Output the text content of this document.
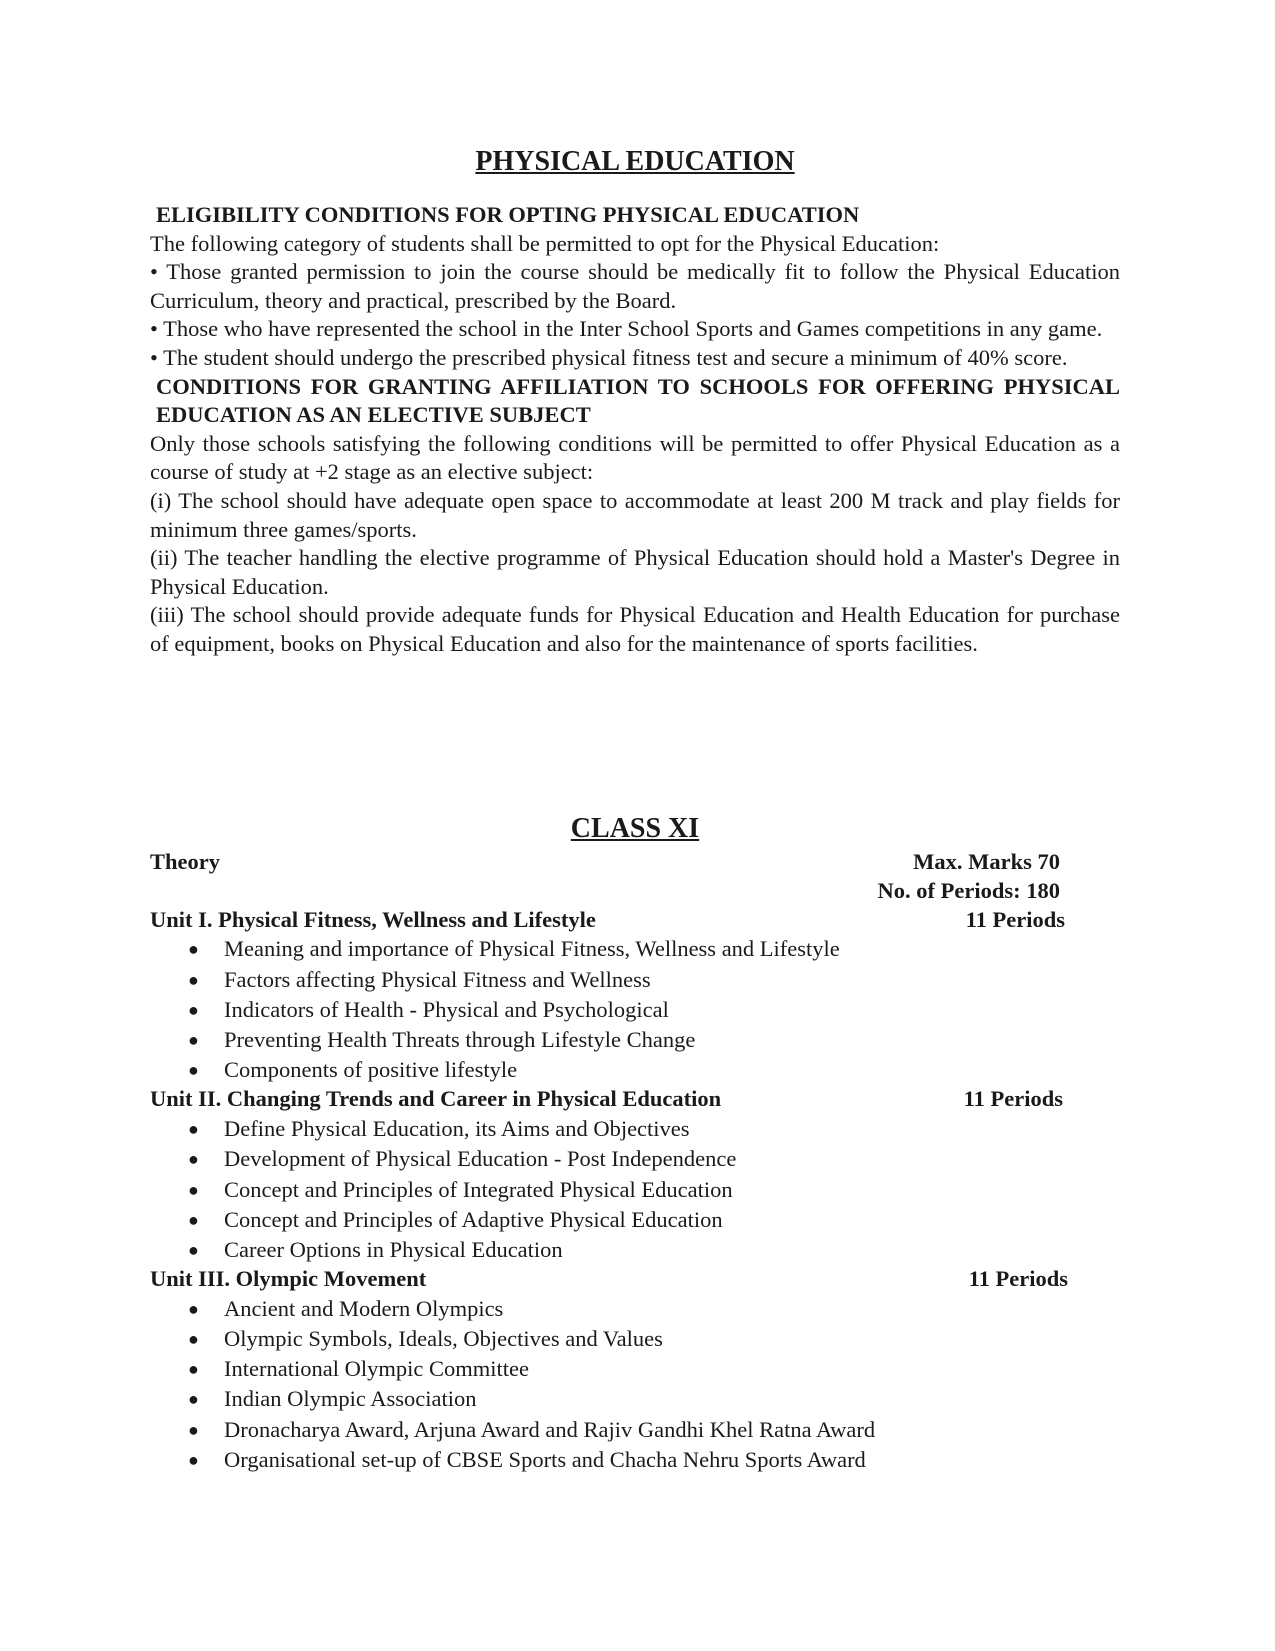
PHYSICAL EDUCATION

ELIGIBILITY CONDITIONS FOR OPTING PHYSICAL EDUCATION

The following category of students shall be permitted to opt for the Physical Education:

• Those granted permission to join the course should be medically fit to follow the Physical Education Curriculum, theory and practical, prescribed by the Board.

• Those who have represented the school in the Inter School Sports and Games competitions in any game.

• The student should undergo the prescribed physical fitness test and secure a minimum of 40% score.

CONDITIONS FOR GRANTING AFFILIATION TO SCHOOLS FOR OFFERING PHYSICAL EDUCATION AS AN ELECTIVE SUBJECT

Only those schools satisfying the following conditions will be permitted to offer Physical Education as a course of study at +2 stage as an elective subject:

(i) The school should have adequate open space to accommodate at least 200 M track and play fields for minimum three games/sports.

(ii) The teacher handling the elective programme of Physical Education should hold a Master's Degree in Physical Education.

(iii) The school should provide adequate funds for Physical Education and Health Education for purchase of equipment, books on Physical Education and also for the maintenance of sports facilities.

CLASS XI
Theory	Max. Marks 70
No. of Periods: 180
Unit I. Physical Fitness, Wellness and Lifestyle	11 Periods
● Meaning and importance of Physical Fitness, Wellness and Lifestyle
● Factors affecting Physical Fitness and Wellness
● Indicators of Health - Physical and Psychological
● Preventing Health Threats through Lifestyle Change
● Components of positive lifestyle
Unit II. Changing Trends and Career in Physical Education	11 Periods
● Define Physical Education, its Aims and Objectives
● Development of Physical Education - Post Independence
● Concept and Principles of Integrated Physical Education
● Concept and Principles of Adaptive Physical Education
● Career Options in Physical Education
Unit III. Olympic Movement	11 Periods
● Ancient and Modern Olympics
● Olympic Symbols, Ideals, Objectives and Values
● International Olympic Committee
● Indian Olympic Association
● Dronacharya Award, Arjuna Award and Rajiv Gandhi Khel Ratna Award
● Organisational set-up of CBSE Sports and Chacha Nehru Sports Award
